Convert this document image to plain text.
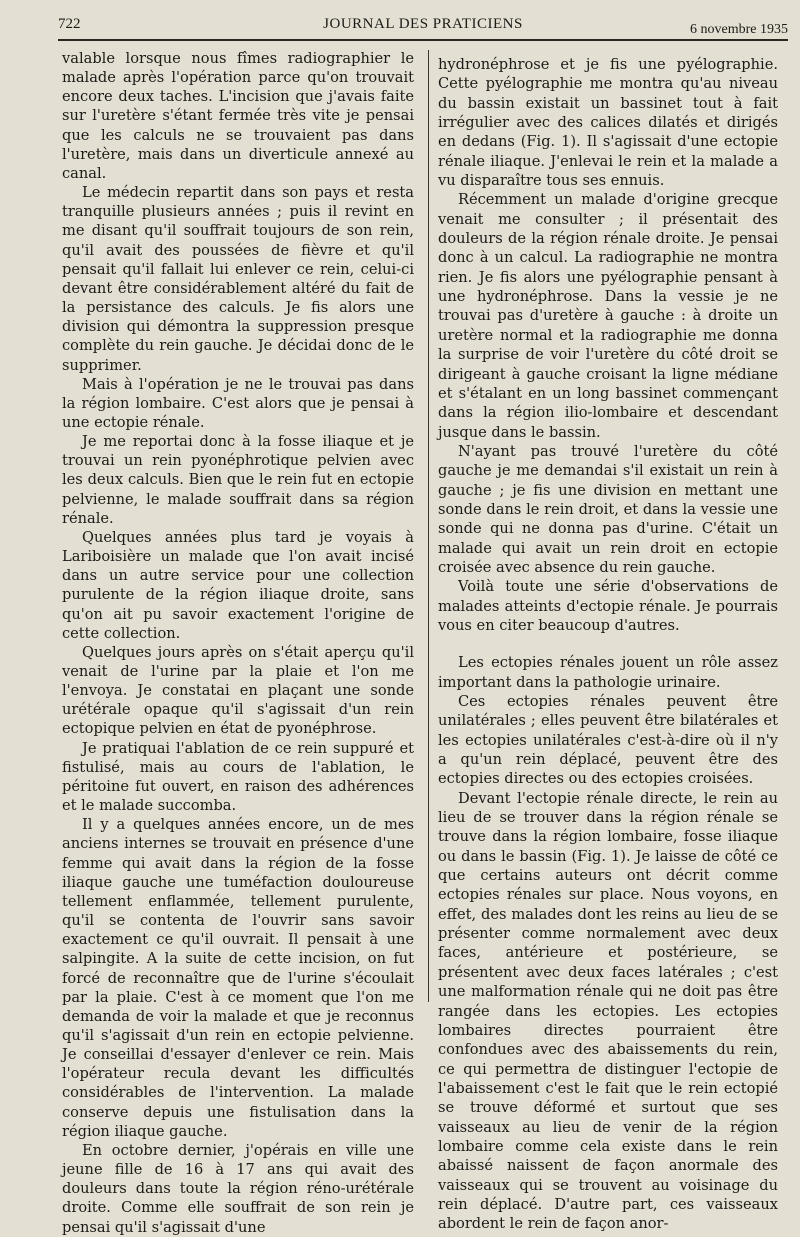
722	JOURNAL DES PRATICIENS	6 novembre 1935

valable lorsque nous fîmes radiographier le malade après l'opération parce qu'on trouvait encore deux taches. L'incision que j'avais faite sur l'uretère s'étant fermée très vite je pensai que les calculs ne se trouvaient pas dans l'uretère, mais dans un diverticule annexé au canal.

Le médecin repartit dans son pays et resta tranquille plusieurs années ; puis il revint en me disant qu'il souffrait toujours de son rein, qu'il avait des poussées de fièvre et qu'il pensait qu'il fallait lui enlever ce rein, celui-ci devant être considérablement altéré du fait de la persistance des calculs. Je fis alors une division qui démontra la suppression presque complète du rein gauche. Je décidai donc de le supprimer.

Mais à l'opération je ne le trouvai pas dans la région lombaire. C'est alors que je pensai à une ectopie rénale.

Je me reportai donc à la fosse iliaque et je trouvai un rein pyonéphrotique pelvien avec les deux calculs. Bien que le rein fut en ectopie pelvienne, le malade souffrait dans sa région rénale.

Quelques années plus tard je voyais à Lariboisière un malade que l'on avait incisé dans un autre service pour une collection purulente de la région iliaque droite, sans qu'on ait pu savoir exactement l'origine de cette collection.

Quelques jours après on s'était aperçu qu'il venait de l'urine par la plaie et l'on me l'envoya. Je constatai en plaçant une sonde urétérale opaque qu'il s'agissait d'un rein ectopique pelvien en état de pyonéphrose.

Je pratiquai l'ablation de ce rein suppuré et fistulisé, mais au cours de l'ablation, le péritoine fut ouvert, en raison des adhérences et le malade succomba.

Il y a quelques années encore, un de mes anciens internes se trouvait en présence d'une femme qui avait dans la région de la fosse iliaque gauche une tuméfaction douloureuse tellement enflammée, tellement purulente, qu'il se contenta de l'ouvrir sans savoir exactement ce qu'il ouvrait. Il pensait à une salpingite. A la suite de cette incision, on fut forcé de reconnaître que de l'urine s'écoulait par la plaie. C'est à ce moment que l'on me demanda de voir la malade et que je reconnus qu'il s'agissait d'un rein en ectopie pelvienne. Je conseillai d'essayer d'enlever ce rein. Mais l'opérateur recula devant les difficultés considérables de l'intervention. La malade conserve depuis une fistulisation dans la région iliaque gauche.

En octobre dernier, j'opérais en ville une jeune fille de 16 à 17 ans qui avait des douleurs dans toute la région réno-urétérale droite. Comme elle souffrait de son rein je pensai qu'il s'agissait d'une

hydronéphrose et je fis une pyélographie. Cette pyélographie me montra qu'au niveau du bassin existait un bassinet tout à fait irrégulier avec des calices dilatés et dirigés en dedans (Fig. 1). Il s'agissait d'une ectopie rénale iliaque. J'enlevai le rein et la malade a vu disparaître tous ses ennuis.

Récemment un malade d'origine grecque venait me consulter ; il présentait des douleurs de la région rénale droite. Je pensai donc à un calcul. La radiographie ne montra rien. Je fis alors une pyélographie pensant à une hydronéphrose. Dans la vessie je ne trouvai pas d'uretère à gauche : à droite un uretère normal et la radiographie me donna la surprise de voir l'uretère du côté droit se dirigeant à gauche croisant la ligne médiane et s'étalant en un long bassinet commençant dans la région ilio-lombaire et descendant jusque dans le bassin.

N'ayant pas trouvé l'uretère du côté gauche je me demandai s'il existait un rein à gauche ; je fis une division en mettant une sonde dans le rein droit, et dans la vessie une sonde qui ne donna pas d'urine. C'était un malade qui avait un rein droit en ectopie croisée avec absence du rein gauche.

Voilà toute une série d'observations de malades atteints d'ectopie rénale. Je pourrais vous en citer beaucoup d'autres.

Les ectopies rénales jouent un rôle assez important dans la pathologie urinaire.

Ces ectopies rénales peuvent être unilatérales ; elles peuvent être bilatérales et les ectopies unilatérales c'est-à-dire où il n'y a qu'un rein déplacé, peuvent être des ectopies directes ou des ectopies croisées.

Devant l'ectopie rénale directe, le rein au lieu de se trouver dans la région rénale se trouve dans la région lombaire, fosse iliaque ou dans le bassin (Fig. 1). Je laisse de côté ce que certains auteurs ont décrit comme ectopies rénales sur place. Nous voyons, en effet, des malades dont les reins au lieu de se présenter comme normalement avec deux faces, antérieure et postérieure, se présentent avec deux faces latérales ; c'est une malformation rénale qui ne doit pas être rangée dans les ectopies. Les ectopies lombaires directes pourraient être confondues avec des abaissements du rein, ce qui permettra de distinguer l'ectopie de l'abaissement c'est le fait que le rein ectopié se trouve déformé et surtout que ses vaisseaux au lieu de venir de la région lombaire comme cela existe dans le rein abaissé naissent de façon anormale des vaisseaux qui se trouvent au voisinage du rein déplacé. D'autre part, ces vaisseaux abordent le rein de façon anor-
